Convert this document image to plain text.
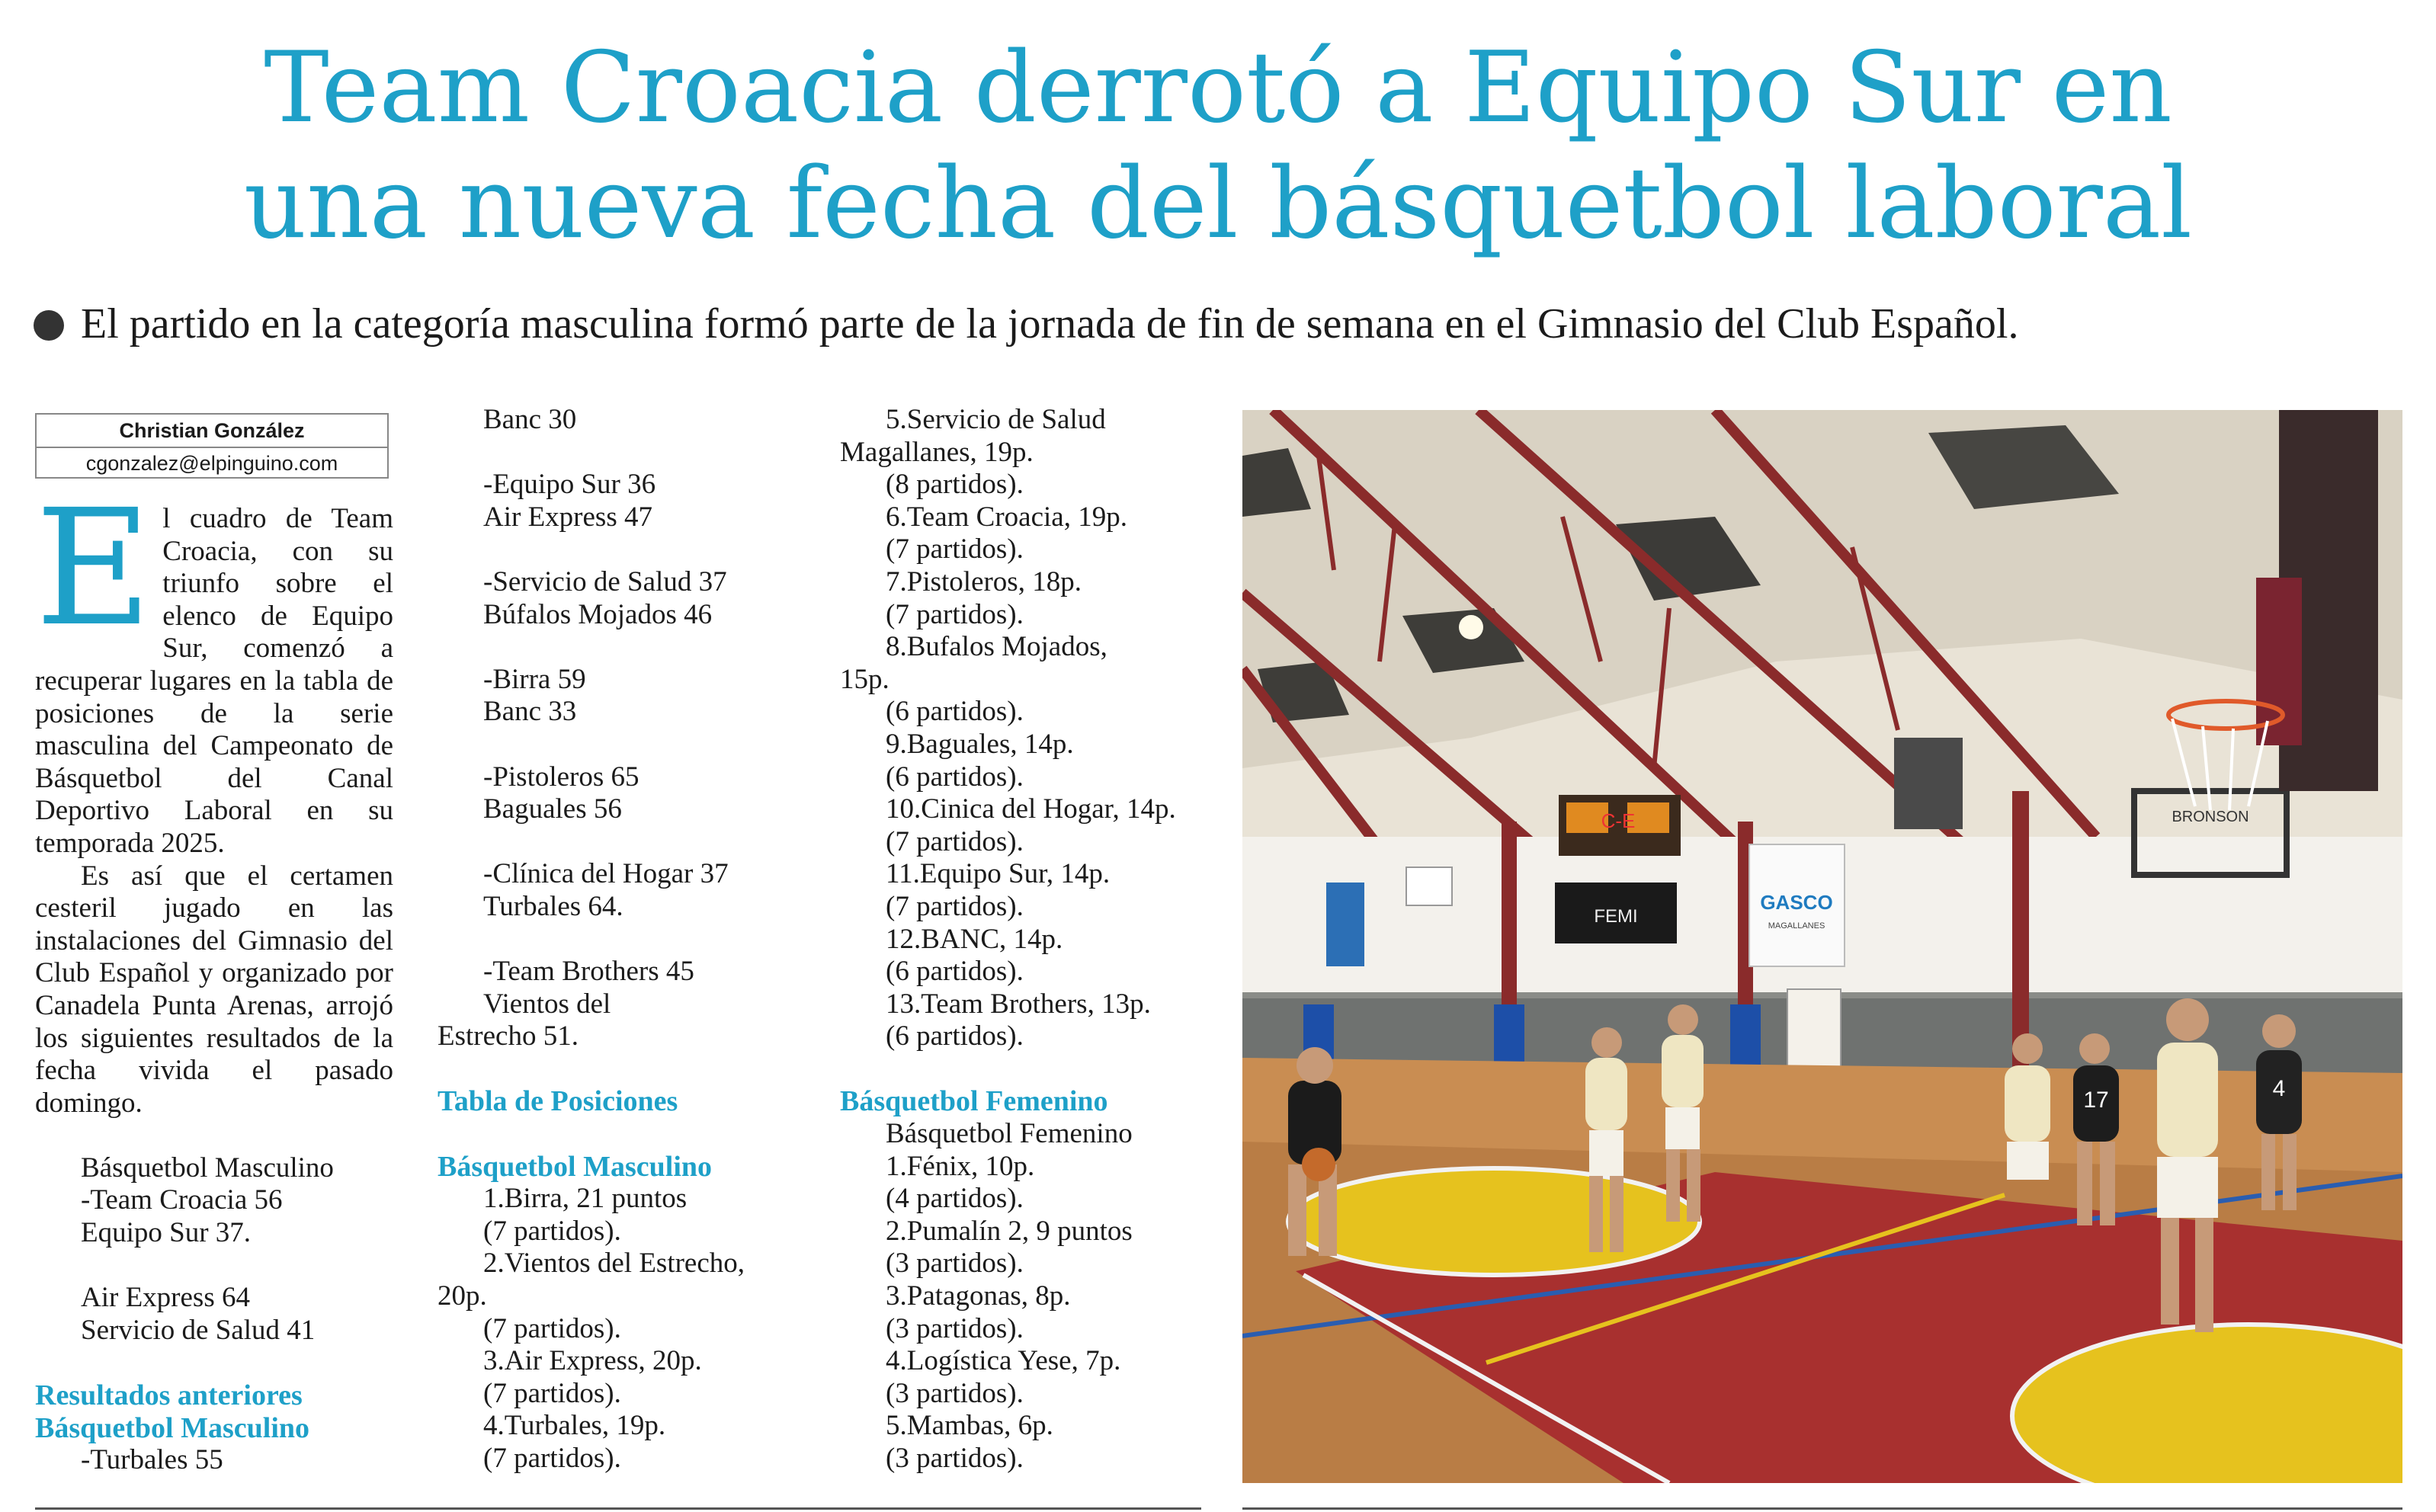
Team Croacia derrotó a Equipo Sur en
una nueva fecha del básquetbol laboral
El partido en la categoría masculina formó parte de la jornada de fin de semana en el Gimnasio del Club Español.
Christian González
cgonzalez@elpinguino.com

El cuadro de Team Croacia, con su triunfo sobre el elenco de Equipo Sur, comenzó a recuperar lugares en la tabla de posiciones de la serie masculina del Campeonato de Básquetbol del Canal Deportivo Laboral en su temporada 2025.

Es así que el certamen cesteril jugado en las instalaciones del Gimnasio del Club Español y organizado por Canadela Punta Arenas, arrojó los siguientes resultados de la fecha vivida el pasado domingo.

Básquetbol Masculino

-Team Croacia 56

Equipo Sur 37.

Air Express 64

Servicio de Salud 41

Resultados anteriores

Básquetbol Masculino

-Turbales 55

Banc 30

-Equipo Sur 36

Air Express 47

-Servicio de Salud 37

Búfalos Mojados 46

-Birra 59

Banc 33

-Pistoleros 65

Baguales 56

-Clínica del Hogar 37

Turbales 64.

-Team Brothers 45

Vientos del

Estrecho 51.

Tabla de Posiciones

Básquetbol Masculino

1.Birra, 21 puntos

(7 partidos).

2.Vientos del Estrecho,

20p.

(7 partidos).

3.Air Express, 20p.

(7 partidos).

4.Turbales, 19p.

(7 partidos).

5.Servicio de Salud

Magallanes, 19p.

(8 partidos).

6.Team Croacia, 19p.

(7 partidos).

7.Pistoleros, 18p.

(7 partidos).

8.Bufalos Mojados,

15p.

(6 partidos).

9.Baguales, 14p.

(6 partidos).

10.Cinica del Hogar, 14p.

(7 partidos).

11.Equipo Sur, 14p.

(7 partidos).

12.BANC, 14p.

(6 partidos).

13.Team Brothers, 13p.

(6 partidos).

Básquetbol Femenino

Básquetbol Femenino

1.Fénix, 10p.

(4 partidos).

2.Pumalín 2, 9 puntos

(3 partidos).

3.Patagonas, 8p.

(3 partidos).

4.Logística Yese, 7p.

(3 partidos).

5.Mambas, 6p.

(3 partidos).

C-E
FEMI
GASCO
MAGALLANES
BRONSON
17	4
